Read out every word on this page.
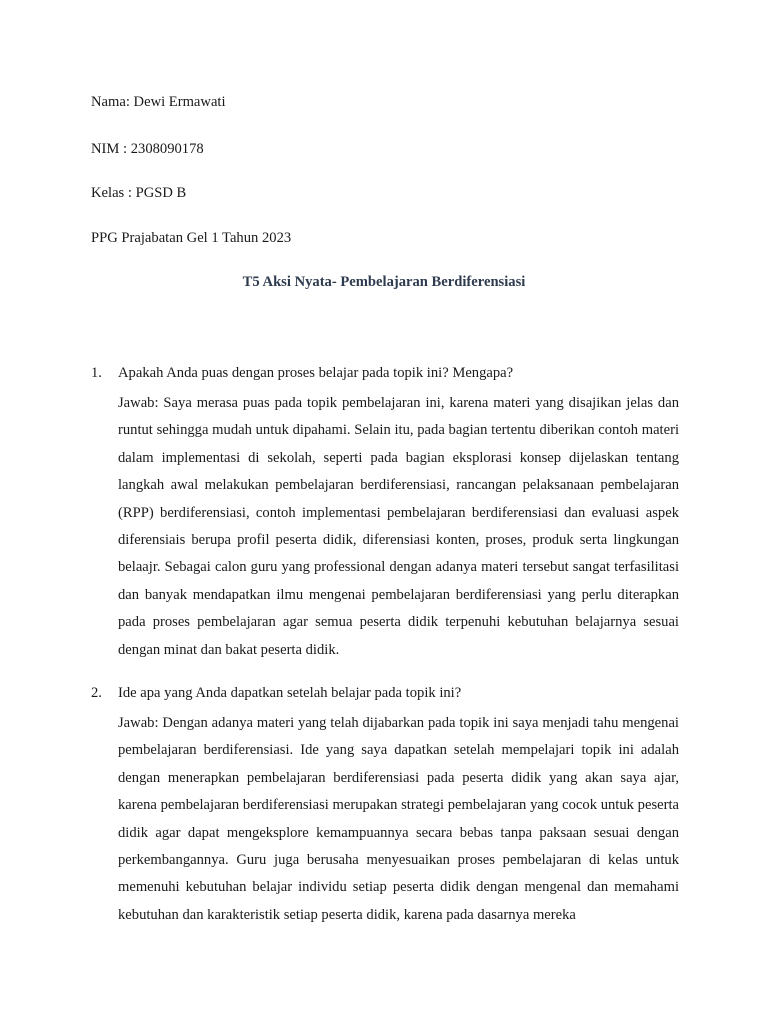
Nama: Dewi Ermawati
NIM : 2308090178
Kelas : PGSD B
PPG Prajabatan Gel 1 Tahun 2023
T5 Aksi Nyata- Pembelajaran Berdiferensiasi
1.	Apakah Anda puas dengan proses belajar pada topik ini? Mengapa?
Jawab: Saya merasa puas pada topik pembelajaran ini, karena materi yang disajikan jelas dan runtut sehingga mudah untuk dipahami. Selain itu, pada bagian tertentu diberikan contoh materi dalam implementasi di sekolah, seperti pada bagian eksplorasi konsep dijelaskan tentang langkah awal melakukan pembelajaran berdiferensiasi, rancangan pelaksanaan pembelajaran (RPP) berdiferensiasi, contoh implementasi pembelajaran berdiferensiasi dan evaluasi aspek diferensiais berupa profil peserta didik, diferensiasi konten, proses, produk serta lingkungan belaajr. Sebagai calon guru yang professional dengan adanya materi tersebut sangat terfasilitasi dan banyak mendapatkan ilmu mengenai pembelajaran berdiferensiasi yang perlu diterapkan pada proses pembelajaran agar semua peserta didik terpenuhi kebutuhan belajarnya sesuai dengan minat dan bakat peserta didik.
2.	Ide apa yang Anda dapatkan setelah belajar pada topik ini?
Jawab: Dengan adanya materi yang telah dijabarkan pada topik ini saya menjadi tahu mengenai pembelajaran berdiferensiasi. Ide yang saya dapatkan setelah mempelajari topik ini adalah dengan menerapkan pembelajaran berdiferensiasi pada peserta didik yang akan saya ajar, karena pembelajaran berdiferensiasi merupakan strategi pembelajaran yang cocok untuk peserta didik agar dapat mengeksplore kemampuannya secara bebas tanpa paksaan sesuai dengan perkembangannya. Guru juga berusaha menyesuaikan proses pembelajaran di kelas untuk memenuhi kebutuhan belajar individu setiap peserta didik dengan mengenal dan memahami kebutuhan dan karakteristik setiap peserta didik, karena pada dasarnya mereka
